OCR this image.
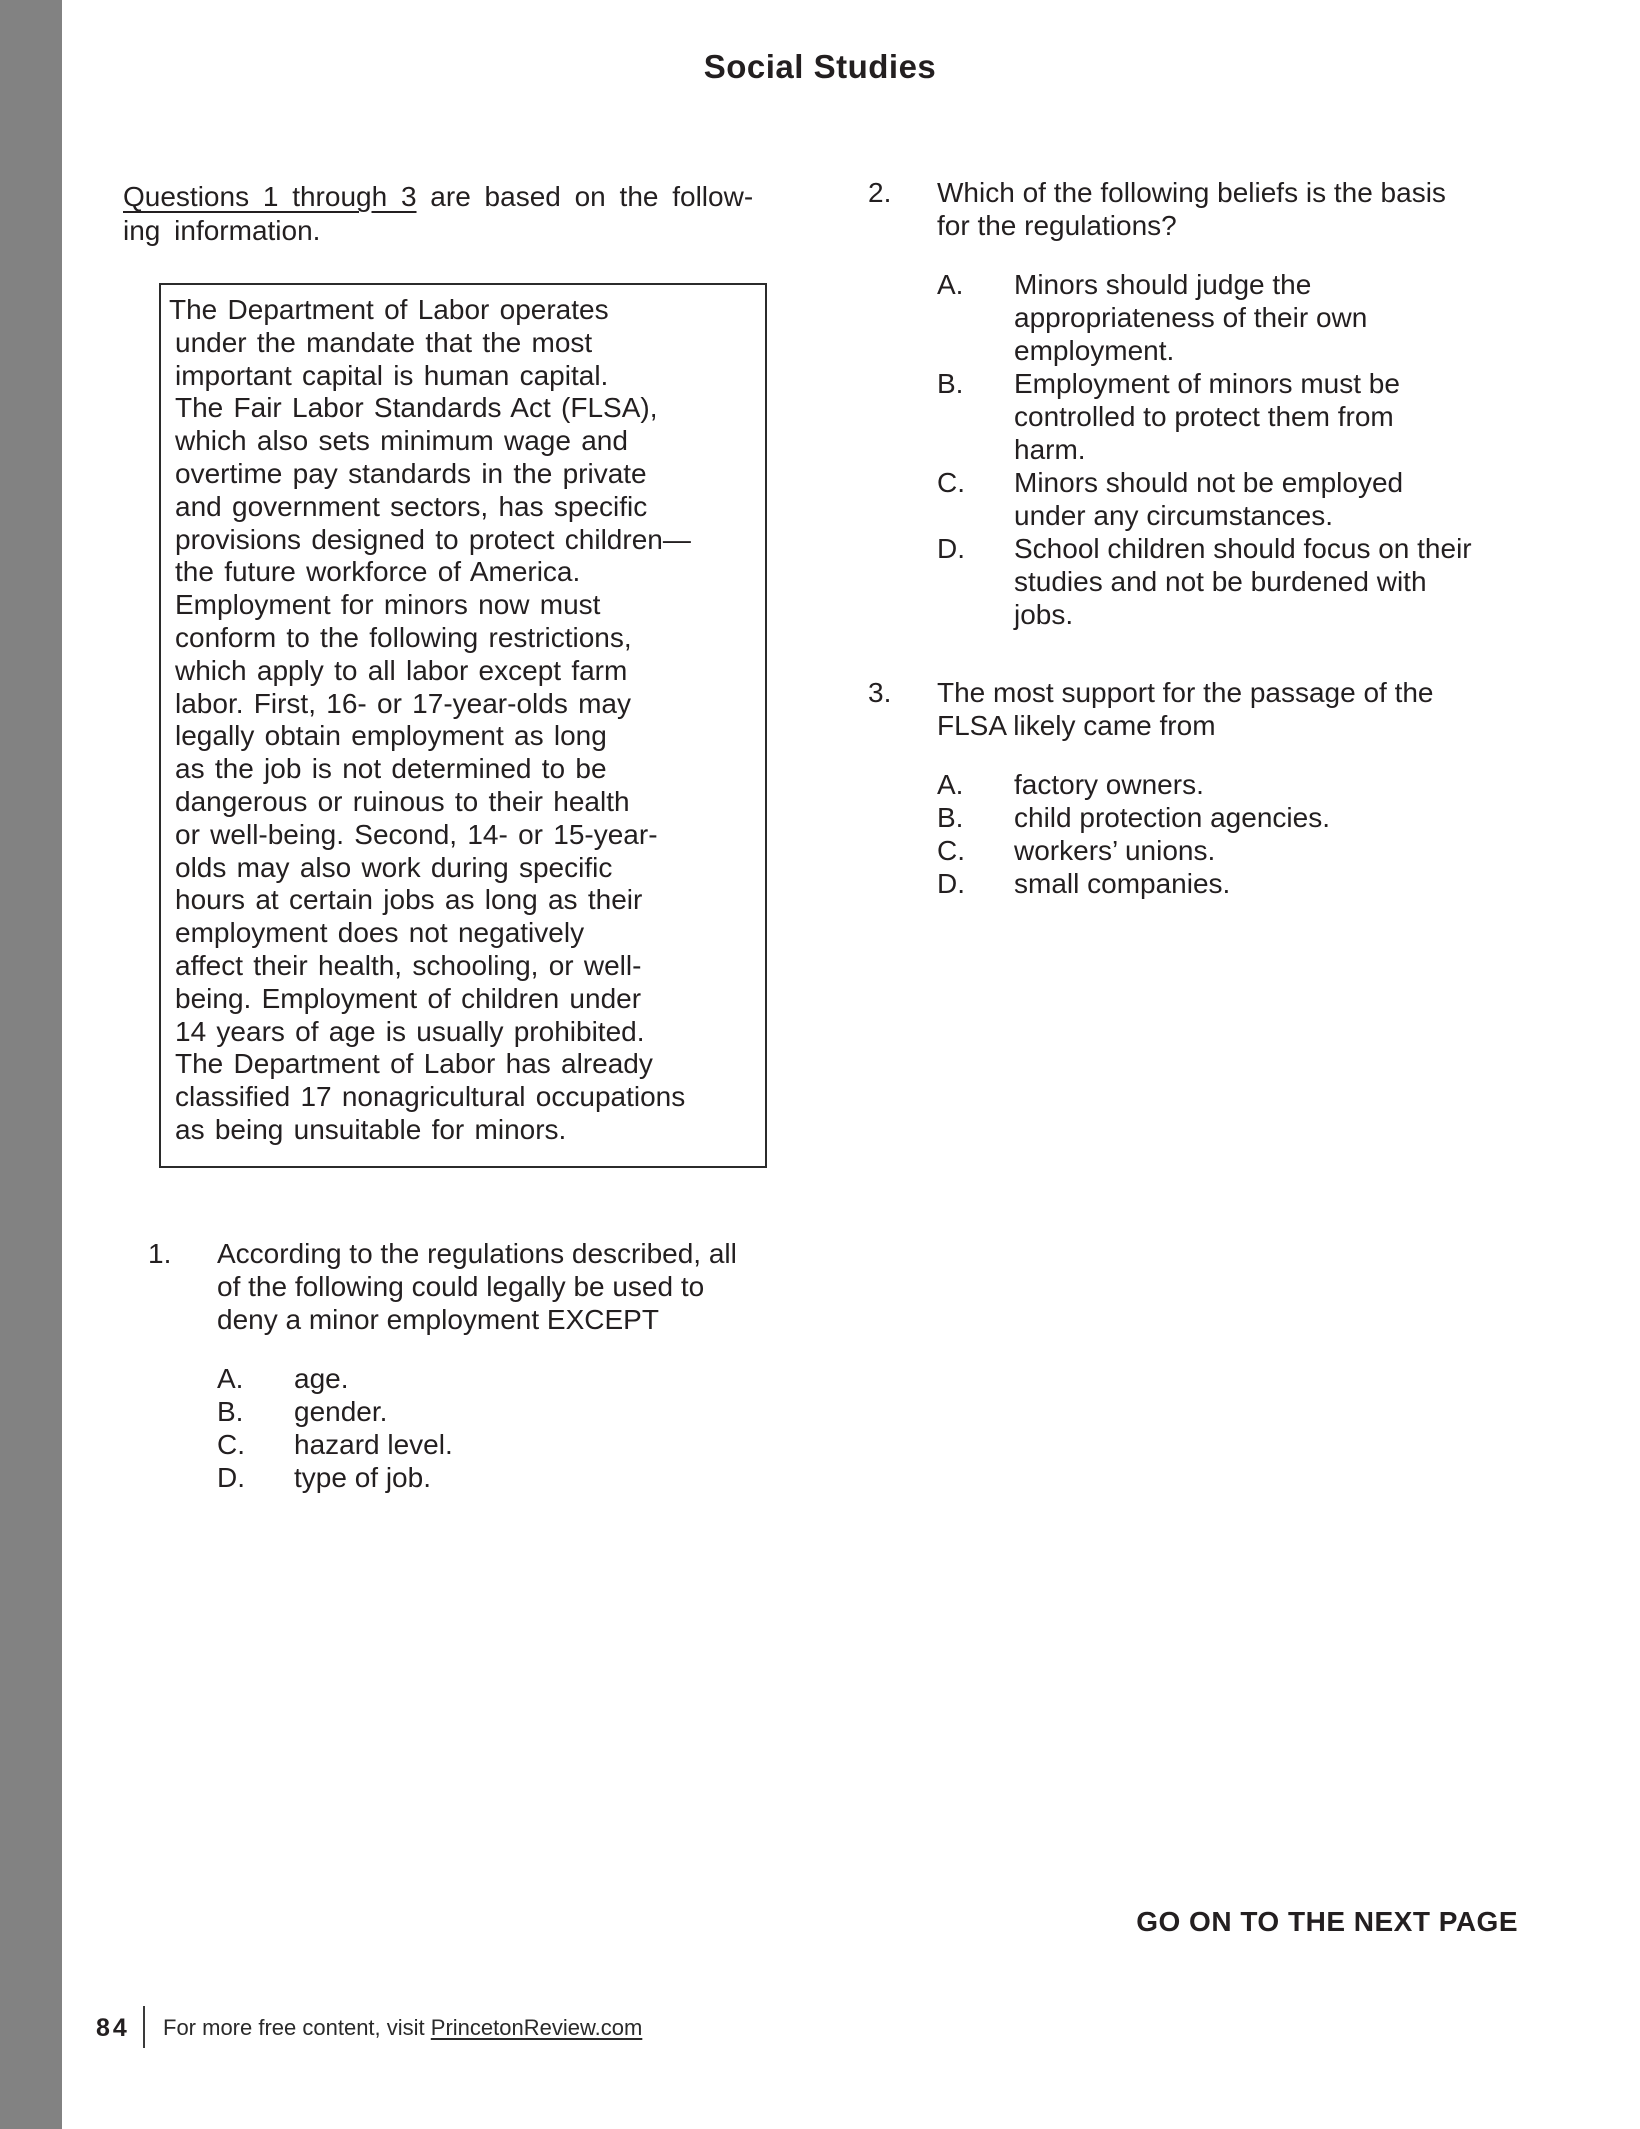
Social Studies
Questions 1 through 3 are based on the follow-
ing information.
The Department of Labor operates
under the mandate that the most
important capital is human capital.
The Fair Labor Standards Act (FLSA),
which also sets minimum wage and
overtime pay standards in the private
and government sectors, has specific
provisions designed to protect children—
the future workforce of America.
Employment for minors now must
conform to the following restrictions,
which apply to all labor except farm
labor. First, 16- or 17-year-olds may
legally obtain employment as long
as the job is not determined to be
dangerous or ruinous to their health
or well-being. Second, 14- or 15-year-
olds may also work during specific
hours at certain jobs as long as their
employment does not negatively
affect their health, schooling, or well-
being. Employment of children under
14 years of age is usually prohibited.
The Department of Labor has already
classified 17 nonagricultural occupations
as being unsuitable for minors.
1. According to the regulations described, all
of the following could legally be used to
deny a minor employment EXCEPT
A.	age.
B.	gender.
C.	hazard level.
D.	type of job.
2. Which of the following beliefs is the basis
for the regulations?
A.	Minors should judge the
appropriateness of their own
employment.
B.	Employment of minors must be
controlled to protect them from
harm.
C.	Minors should not be employed
under any circumstances.
D.	School children should focus on their
studies and not be burdened with
jobs.
3. The most support for the passage of the
FLSA likely came from
A.	factory owners.
B.	child protection agencies.
C.	workers’ unions.
D.	small companies.
GO ON TO THE NEXT PAGE
84 For more free content, visit PrincetonReview.com
